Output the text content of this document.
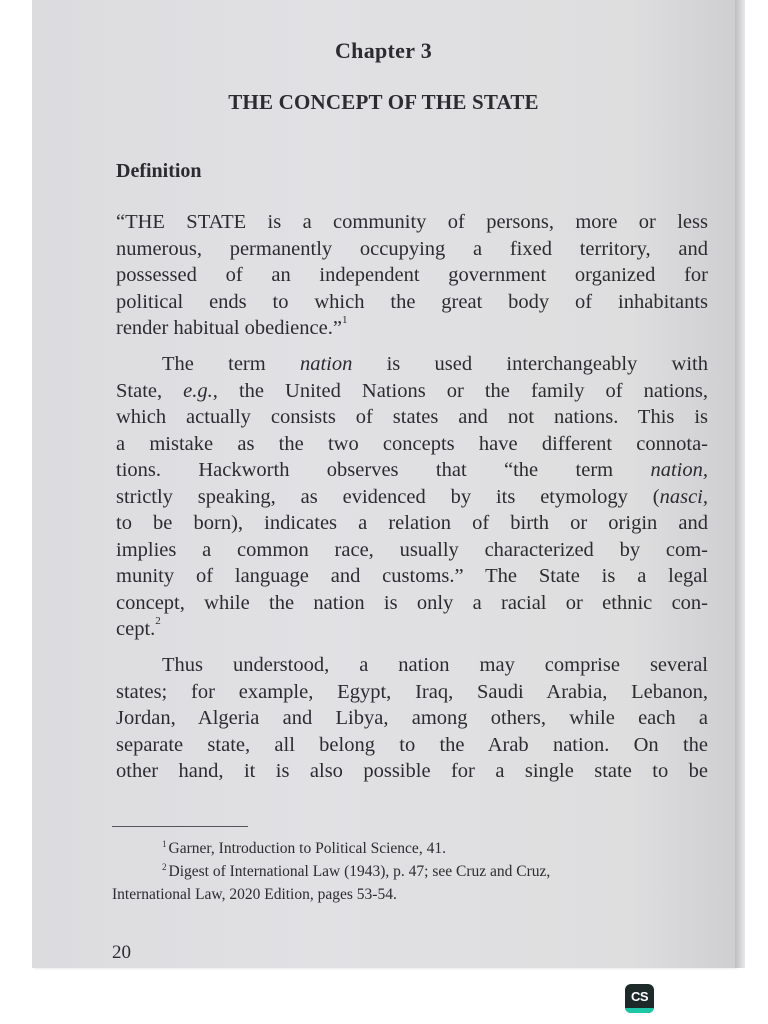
Chapter 3
THE CONCEPT OF THE STATE
Definition
“THE STATE is a community of persons, more or less
numerous, permanently occupying a fixed territory, and
possessed of an independent government organized for
political ends to which the great body of inhabitants
render habitual obedience.”$^1$
The term nation is used interchangeably with
State, e.g., the United Nations or the family of nations,
which actually consists of states and not nations. This is
a mistake as the two concepts have different connota-
tions. Hackworth observes that “the term nation,
strictly speaking, as evidenced by its etymology (nasci,
to be born), indicates a relation of birth or origin and
implies a common race, usually characterized by com-
munity of language and customs.” The State is a legal
concept, while the nation is only a racial or ethnic con-
cept.$^2$
Thus understood, a nation may comprise several
states; for example, Egypt, Iraq, Saudi Arabia, Lebanon,
Jordan, Algeria and Libya, among others, while each a
separate state, all belong to the Arab nation. On the
other hand, it is also possible for a single state to be
$^1$ Garner, Introduction to Political Science, 41.
$^2$ Digest of International Law (1943), p. 47; see Cruz and Cruz,
International Law, 2020 Edition, pages 53-54.
20
CS
